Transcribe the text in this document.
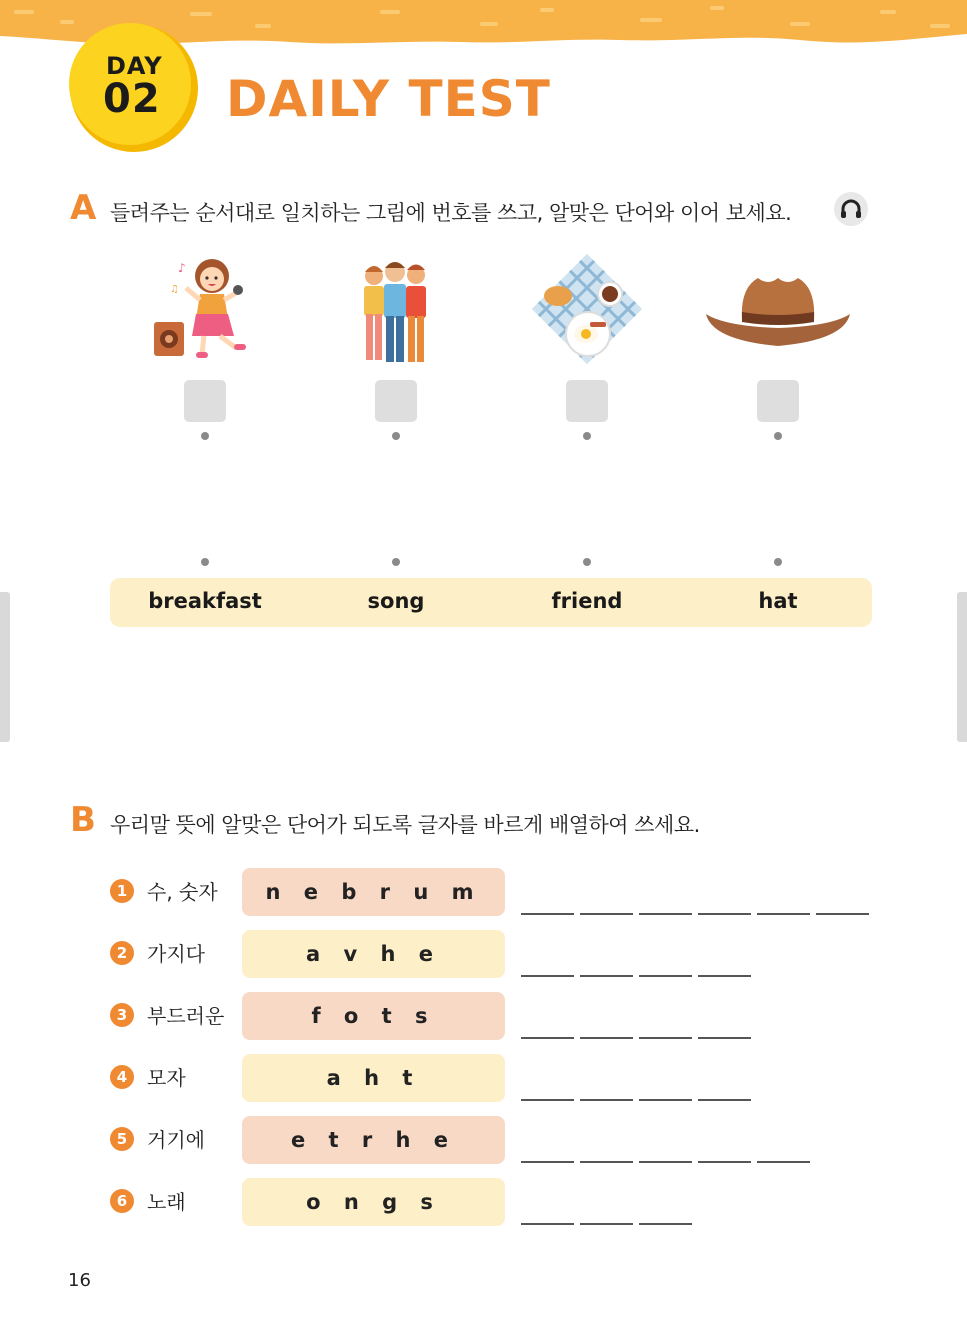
DAY
02 DAILY TEST
A 들려주는 순서대로 일치하는 그림에 번호를 쓰고, 알맞은 단어와 이어 보세요.
♪
♫
breakfast	song	friend	hat
B 우리말 뜻에 알맞은 단어가 되도록 글자를 바르게 배열하여 쓰세요.
1 수, 숫자	n e b r u m
2 가지다	a v h e
3 부드러운	f o t s
4 모자	a h t
5 거기에	e t r h e
6 노래	o n g s
16
